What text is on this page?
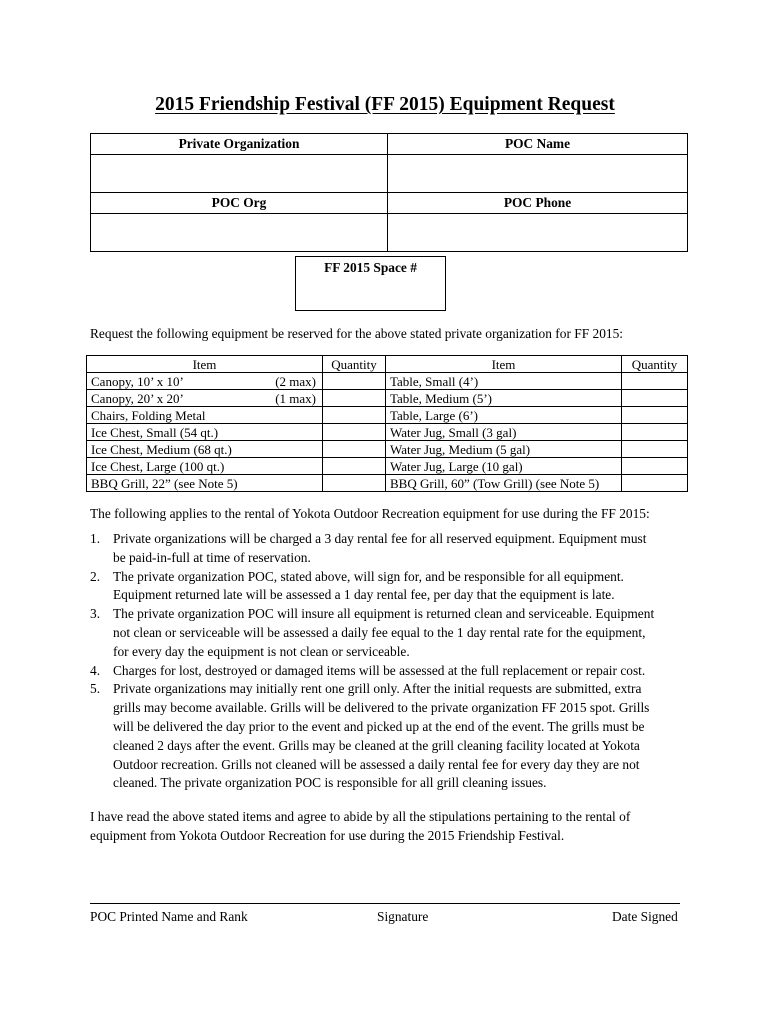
2015 Friendship Festival (FF 2015) Equipment Request
Private Organization	POC Name

POC Org	POC Phone

FF 2015 Space #
Request the following equipment be reserved for the above stated private organization for FF 2015:
Item	Quantity	Item	Quantity
Canopy, 10’ x 10’ (2 max)		Table, Small (4’)	
Canopy, 20’ x 20’ (1 max)		Table, Medium (5’)	
Chairs, Folding Metal		Table, Large (6’)	
Ice Chest, Small (54 qt.)		Water Jug, Small (3 gal)	
Ice Chest, Medium (68 qt.)		Water Jug, Medium (5 gal)	
Ice Chest, Large (100 qt.)		Water Jug, Large (10 gal)	
BBQ Grill, 22” (see Note 5)		BBQ Grill, 60” (Tow Grill) (see Note 5)	
The following applies to the rental of Yokota Outdoor Recreation equipment for use during the FF 2015:
1. Private organizations will be charged a 3 day rental fee for all reserved equipment. Equipment must
be paid-in-full at time of reservation.
2. The private organization POC, stated above, will sign for, and be responsible for all equipment.
Equipment returned late will be assessed a 1 day rental fee, per day that the equipment is late.
3. The private organization POC will insure all equipment is returned clean and serviceable. Equipment
not clean or serviceable will be assessed a daily fee equal to the 1 day rental rate for the equipment,
for every day the equipment is not clean or serviceable.
4. Charges for lost, destroyed or damaged items will be assessed at the full replacement or repair cost.
5. Private organizations may initially rent one grill only. After the initial requests are submitted, extra
grills may become available. Grills will be delivered to the private organization FF 2015 spot. Grills
will be delivered the day prior to the event and picked up at the end of the event. The grills must be
cleaned 2 days after the event. Grills may be cleaned at the grill cleaning facility located at Yokota
Outdoor recreation. Grills not cleaned will be assessed a daily rental fee for every day they are not
cleaned. The private organization POC is responsible for all grill cleaning issues.
I have read the above stated items and agree to abide by all the stipulations pertaining to the rental of
equipment from Yokota Outdoor Recreation for use during the 2015 Friendship Festival.
POC Printed Name and Rank	Signature	Date Signed
